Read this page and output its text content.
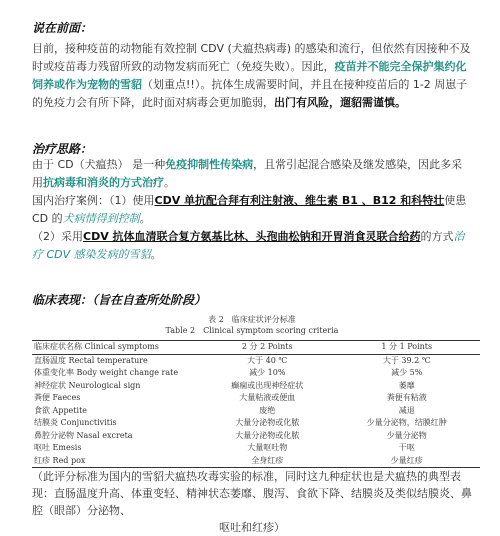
说在前面：
目前，接种疫苗的动物能有效控制 CDV (犬瘟热病毒) 的感染和流行，但依然有因接种不及时或疫苗毒力残留所致的动物发病而死亡（免疫失败）。因此，疫苗并不能完全保护集约化饲养或作为宠物的雪貂（划重点!!）。抗体生成需要时间，并且在接种疫苗后的 1-2 周崽子的免疫力会有所下降，此时面对病毒会更加脆弱，出门有风险，遛貂需谨慎。
治疗思路：
由于 CD（犬瘟热） 是一种免疫抑制性传染病，且常引起混合感染及继发感染，因此多采用抗病毒和消炎的方式治疗。
国内治疗案例：（1）使用CDV 单抗配合拜有利注射液、维生素 B1 、B12 和科特壮使患 CD 的犬病情得到控制。
（2）采用CDV 抗体血清联合复方氨基比林、头孢曲松钠和开胃消食灵联合给药的方式治疗 CDV 感染发病的雪貂。
临床表现：（旨在自查所处阶段）
表 2　临床症状评分标准
Table 2　Clinical symptom scoring criteria
临床症状名称 Clinical symptoms	2 分 2 Points	1 分 1 Points
直肠温度 Rectal temperature	大于 40 ℃	大于 39.2 ℃
体重变化率 Body weight change rate	减少 10%	减少 5%
神经症状 Neurological sign	癫痫或出现神经症状	萎靡
粪便 Faeces	大量粘液或便血	粪便有粘液
食欲 Appetite	废绝	减退
结膜炎 Conjunctivitis	大量分泌物或化脓	少量分泌物，结膜红肿
鼻腔分泌物 Nasal excreta	大量分泌物或化脓	少量分泌物
呕吐 Emesis	大量呕吐物	干呕
红疹 Red pox	全身红疹	少量红疹
（此评分标准为国内的雪貂犬瘟热攻毒实验的标准，同时这九种症状也是犬瘟热的典型表现：直肠温度升高、体重变轻、精神状态萎靡、腹泻、食欲下降、结膜炎及类似结膜炎、鼻腔（眼部）分泌物、
呕吐和红疹）
